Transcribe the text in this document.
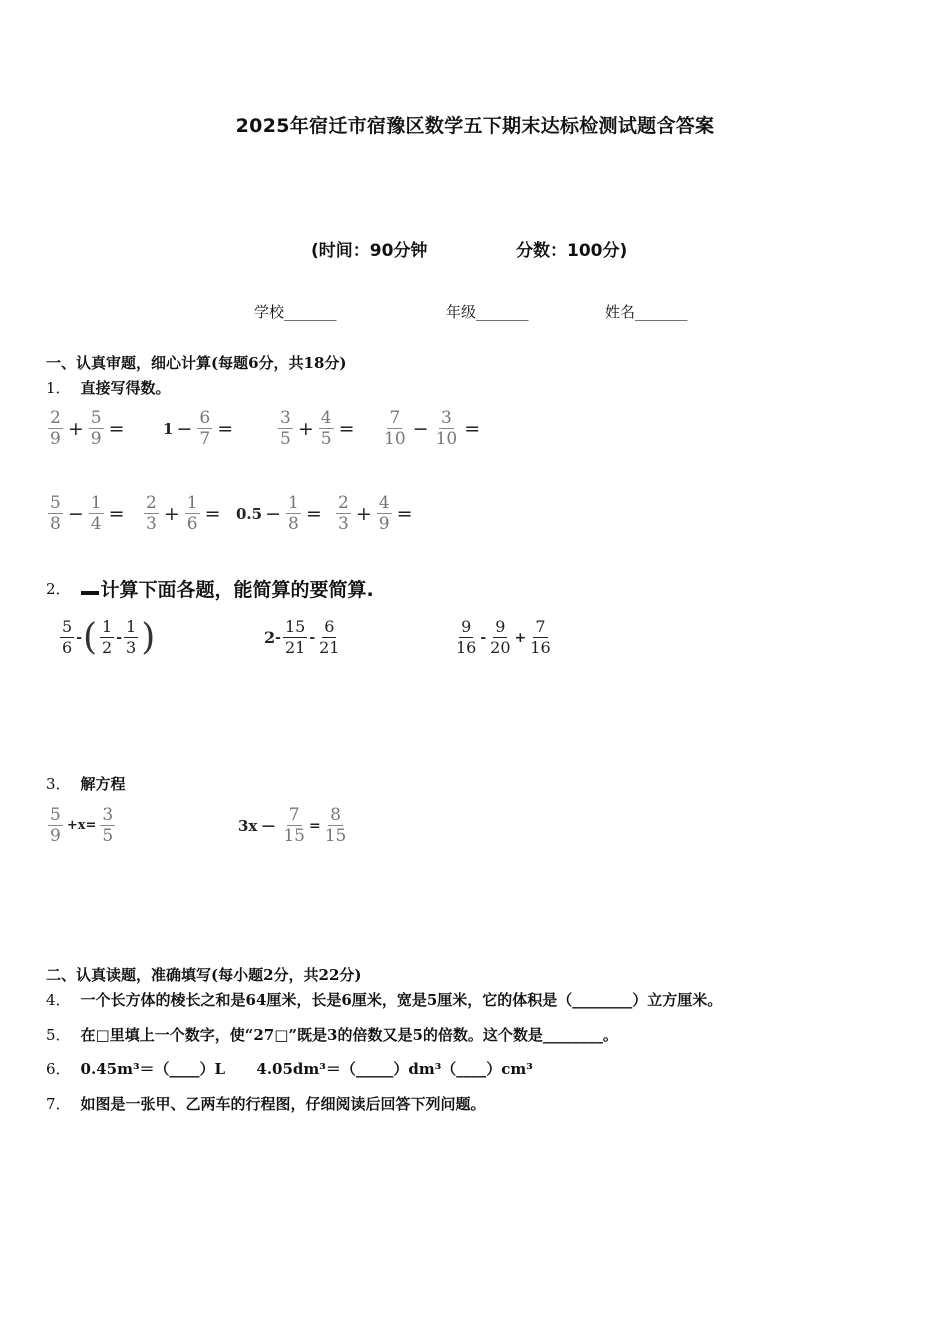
2025年宿迁市宿豫区数学五下期末达标检测试题含答案
(时间：90分钟	分数：100分)
学校_______	年级_______	姓名_______
一、认真审题，细心计算(每题6分，共18分)
1． 直接写得数。
$\frac{2}{9} + \frac{5}{9}$ =	$1 - \frac{6}{7}$ =	$\frac{3}{5} + \frac{4}{5} = \frac{7}{10} - \frac{3}{10}$ =
$\frac{5}{8} - \frac{1}{4} = \frac{2}{3} + \frac{1}{6} = 0.5 - \frac{1}{8} = \frac{2}{3} + \frac{4}{9}$ =
2． 计算下面各题，能简算的要简算.
$\frac{5}{6}$ - ( $\frac{1}{2} - \frac{1}{3}$ )	$2 - \frac{15}{21} - \frac{6}{21}$	$\frac{9}{16} - \frac{9}{20} + \frac{7}{16}$
3． 解方程
$\frac{5}{9} +x= \frac{3}{5}$	$3x - \frac{7}{15} = \frac{8}{15}$
二、认真读题，准确填写(每小题2分，共22分)
4． 一个长方体的棱长之和是64厘米，长是6厘米，宽是5厘米，它的体积是（________）立方厘米。
5． 在□里填上一个数字，使“27□”既是3的倍数又是5的倍数。这个数是________。
6． 0.45m³＝（____）L      4.05dm³＝（_____）dm³（____）cm³
7． 如图是一张甲、乙两车的行程图，仔细阅读后回答下列问题。
